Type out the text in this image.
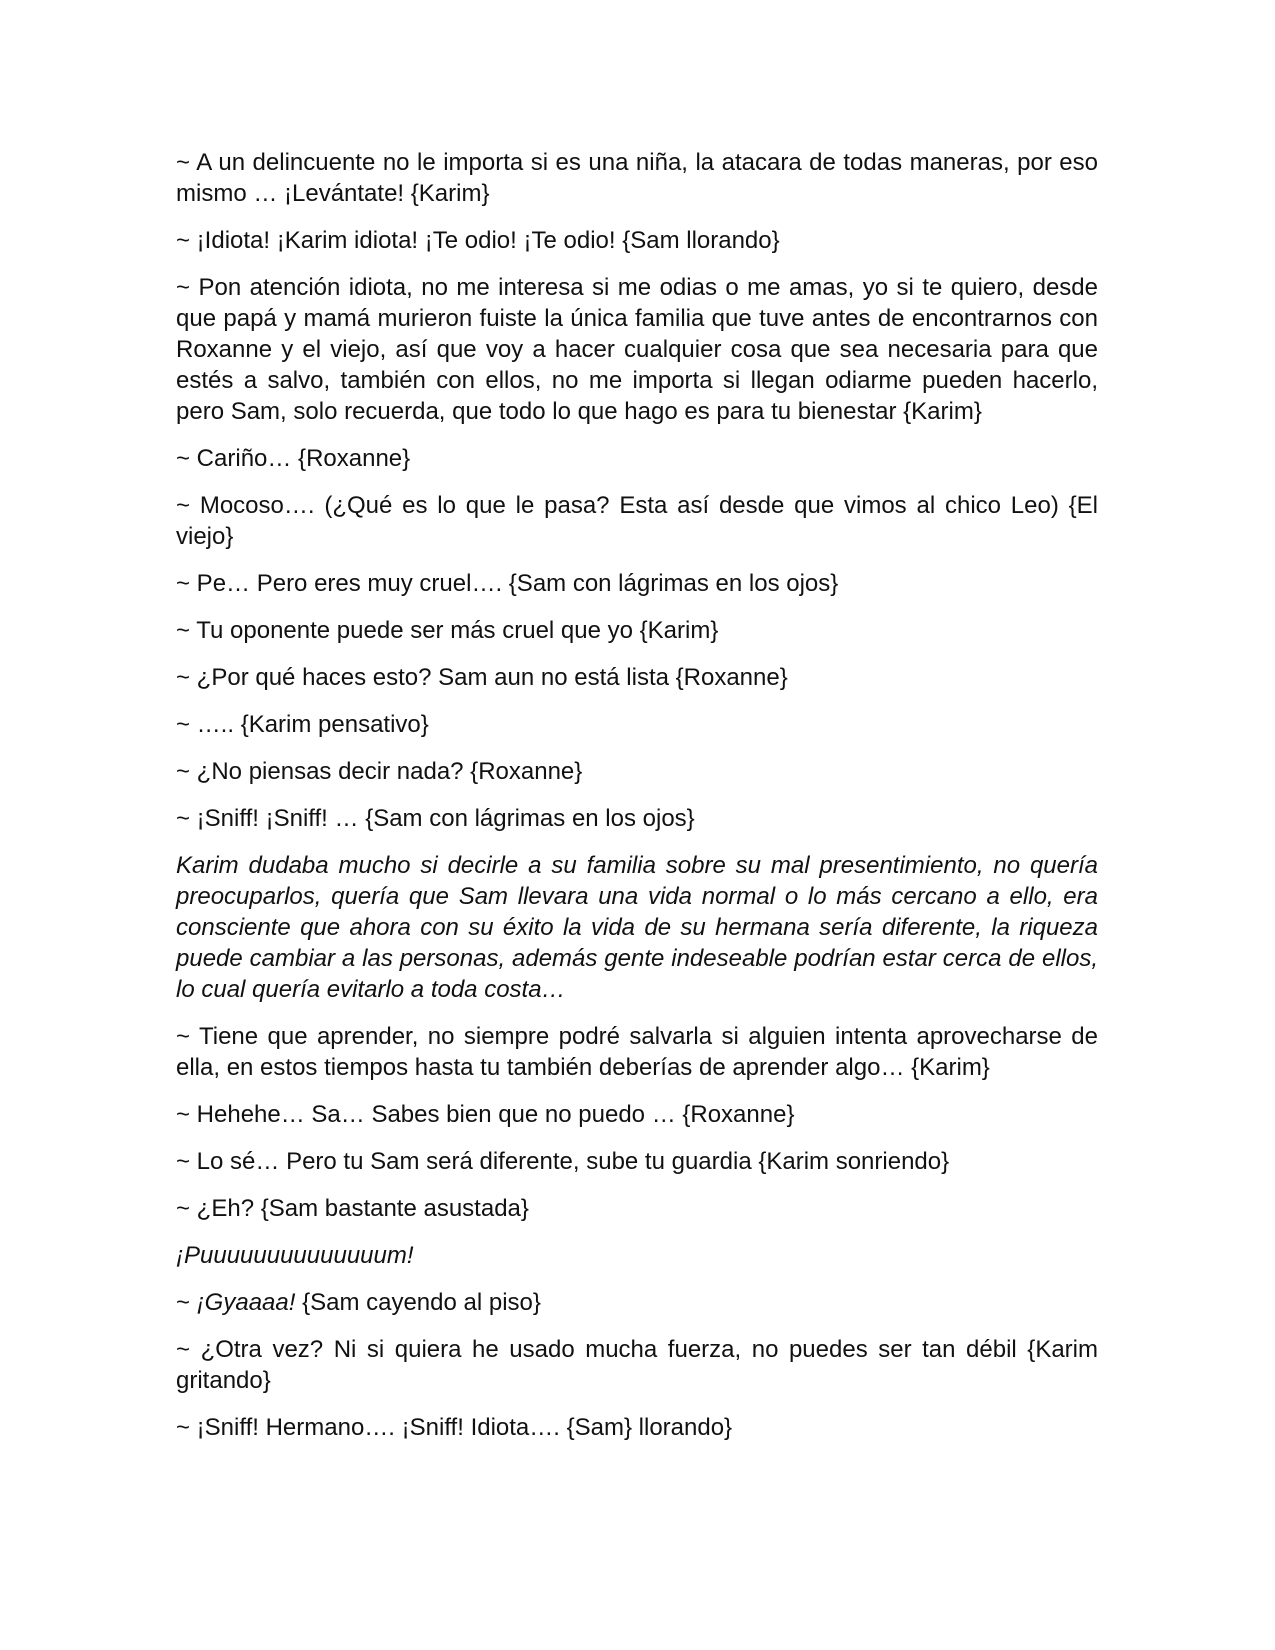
~ A un delincuente no le importa si es una niña, la atacara de todas maneras, por eso mismo … ¡Levántate! {Karim}

~ ¡Idiota! ¡Karim idiota! ¡Te odio! ¡Te odio! {Sam llorando}

~ Pon atención idiota, no me interesa si me odias o me amas, yo si te quiero, desde que papá y mamá murieron fuiste la única familia que tuve antes de encontrarnos con Roxanne y el viejo, así que voy a hacer cualquier cosa que sea necesaria para que estés a salvo, también con ellos, no me importa si llegan odiarme pueden hacerlo, pero Sam, solo recuerda, que todo lo que hago es para tu bienestar {Karim}

~ Cariño… {Roxanne}

~ Mocoso…. (¿Qué es lo que le pasa? Esta así desde que vimos al chico Leo) {El viejo}

~ Pe… Pero eres muy cruel…. {Sam con lágrimas en los ojos}

~ Tu oponente puede ser más cruel que yo {Karim}

~ ¿Por qué haces esto? Sam aun no está lista {Roxanne}

~ ….. {Karim pensativo}

~ ¿No piensas decir nada? {Roxanne}

~ ¡Sniff! ¡Sniff! … {Sam con lágrimas en los ojos}

Karim dudaba mucho si decirle a su familia sobre su mal presentimiento, no quería preocuparlos, quería que Sam llevara una vida normal o lo más cercano a ello, era consciente que ahora con su éxito la vida de su hermana sería diferente, la riqueza puede cambiar a las personas, además gente indeseable podrían estar cerca de ellos, lo cual quería evitarlo a toda costa…

~ Tiene que aprender, no siempre podré salvarla si alguien intenta aprovecharse de ella, en estos tiempos hasta tu también deberías de aprender algo… {Karim}

~ Hehehe… Sa… Sabes bien que no puedo … {Roxanne}

~ Lo sé… Pero tu Sam será diferente, sube tu guardia {Karim sonriendo}

~ ¿Eh? {Sam bastante asustada}

¡Puuuuuuuuuuuuuum!

~ ¡Gyaaaa! {Sam cayendo al piso}

~ ¿Otra vez? Ni si quiera he usado mucha fuerza, no puedes ser tan débil {Karim gritando}

~ ¡Sniff! Hermano…. ¡Sniff! Idiota…. {Sam} llorando}
